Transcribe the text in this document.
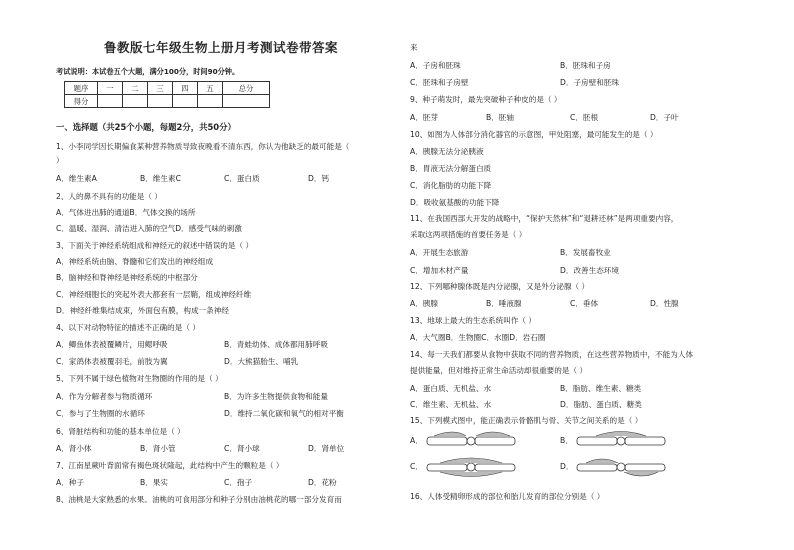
鲁教版七年级生物上册月考测试卷带答案
考试说明：本试卷五个大题，满分100分，时间90分钟。
题序	一	二	三	四	五	总分
得分						
一、选择题（共25个小题，每题2分，共50分）
1、小李同学因长期偏食某种营养物质导致夜晚看不清东西，你认为他缺乏的最可能是（
）
A．维生素A	B．维生素C	C．蛋白质	D．钙
2、人的鼻不具有的功能是（ ）
A．气体进出肺的通道B．气体交换的场所
C．温暖、湿润、清洁进入肺的空气D．感受气味的刺激
3、下面关于神经系统组成和神经元的叙述中错误的是（ ）
A．神经系统由脑、脊髓和它们发出的神经组成
B．脑神经和脊神经是神经系统的中枢部分
C．神经细胞长的突起外表大都套有一层鞘，组成神经纤维
D．神经纤维集结成束，外面包有膜，构成一条神经
4、以下对动物特征的描述不正确的是（ ）
A．鲫鱼体表被覆鳞片，用鳃呼吸	B．青蛙幼体、成体都用肺呼吸
C．家鸽体表被覆羽毛，前肢为翼	D．大熊猫胎生、哺乳
5、下列不属于绿色植物对生物圈的作用的是（ ）
A．作为分解者参与物质循环	B．为许多生物提供食物和能量
C．参与了生物圈的水循环	D．维持二氧化碳和氧气的相对平衡
6、肾脏结构和功能的基本单位是（ ）
A．肾小体	B．肾小管	C．肾小球	D．肾单位
7、江南星蕨叶背面常有褐色斑状隆起，此结构中产生的颗粒是（ ）
A．种子	B．果实	C．孢子	D．花粉
8、油桃是大家熟悉的水果。油桃的可食用部分和种子分别由油桃花的哪一部分发育而
来
A．子房和胚珠	B．胚珠和子房
C．胚珠和子房壁	D．子房壁和胚珠
9、种子萌发时，最先突破种子种皮的是（ ）
A．胚芽	B．胚轴	C．胚根	D．子叶
10、如图为人体部分消化器官的示意图，甲处阻塞，最可能发生的是（ ）
A．胰腺无法分泌胰液
B．胃液无法分解蛋白质
C．消化脂肪的功能下降
D．吸收氨基酸的功能下降
11、在我国西部大开发的战略中，“保护天然林”和“退耕还林”是两项重要内容，
采取这两项措施的首要任务是（ ）
A．开展生态旅游	B．发展畜牧业
C．增加木材产量	D．改善生态环境
12、下列哪种腺体既是内分泌腺，又是外分泌腺（ ）
A．胰腺	B．唾液腺	C．垂体	D．性腺
13、地球上最大的生态系统叫作（ ）
A．大气圈B．生物圈C．水圈D．岩石圈
14、每一天我们都要从食物中获取不同的营养物质，在这些营养物质中，不能为人体
提供能量，但对维持正常生命活动却很重要的是（ ）
A．蛋白质、无机盐、水	B．脂肪、维生素、糖类
C．维生素、无机盐、水	D．脂肪、蛋白质、糖类
15、下列模式图中，能正确表示骨骼肌与骨、关节之间关系的是（ ）
A．	B．
C．	D．
16、人体受精卵形成的部位和胎儿发育的部位分别是（ ）
